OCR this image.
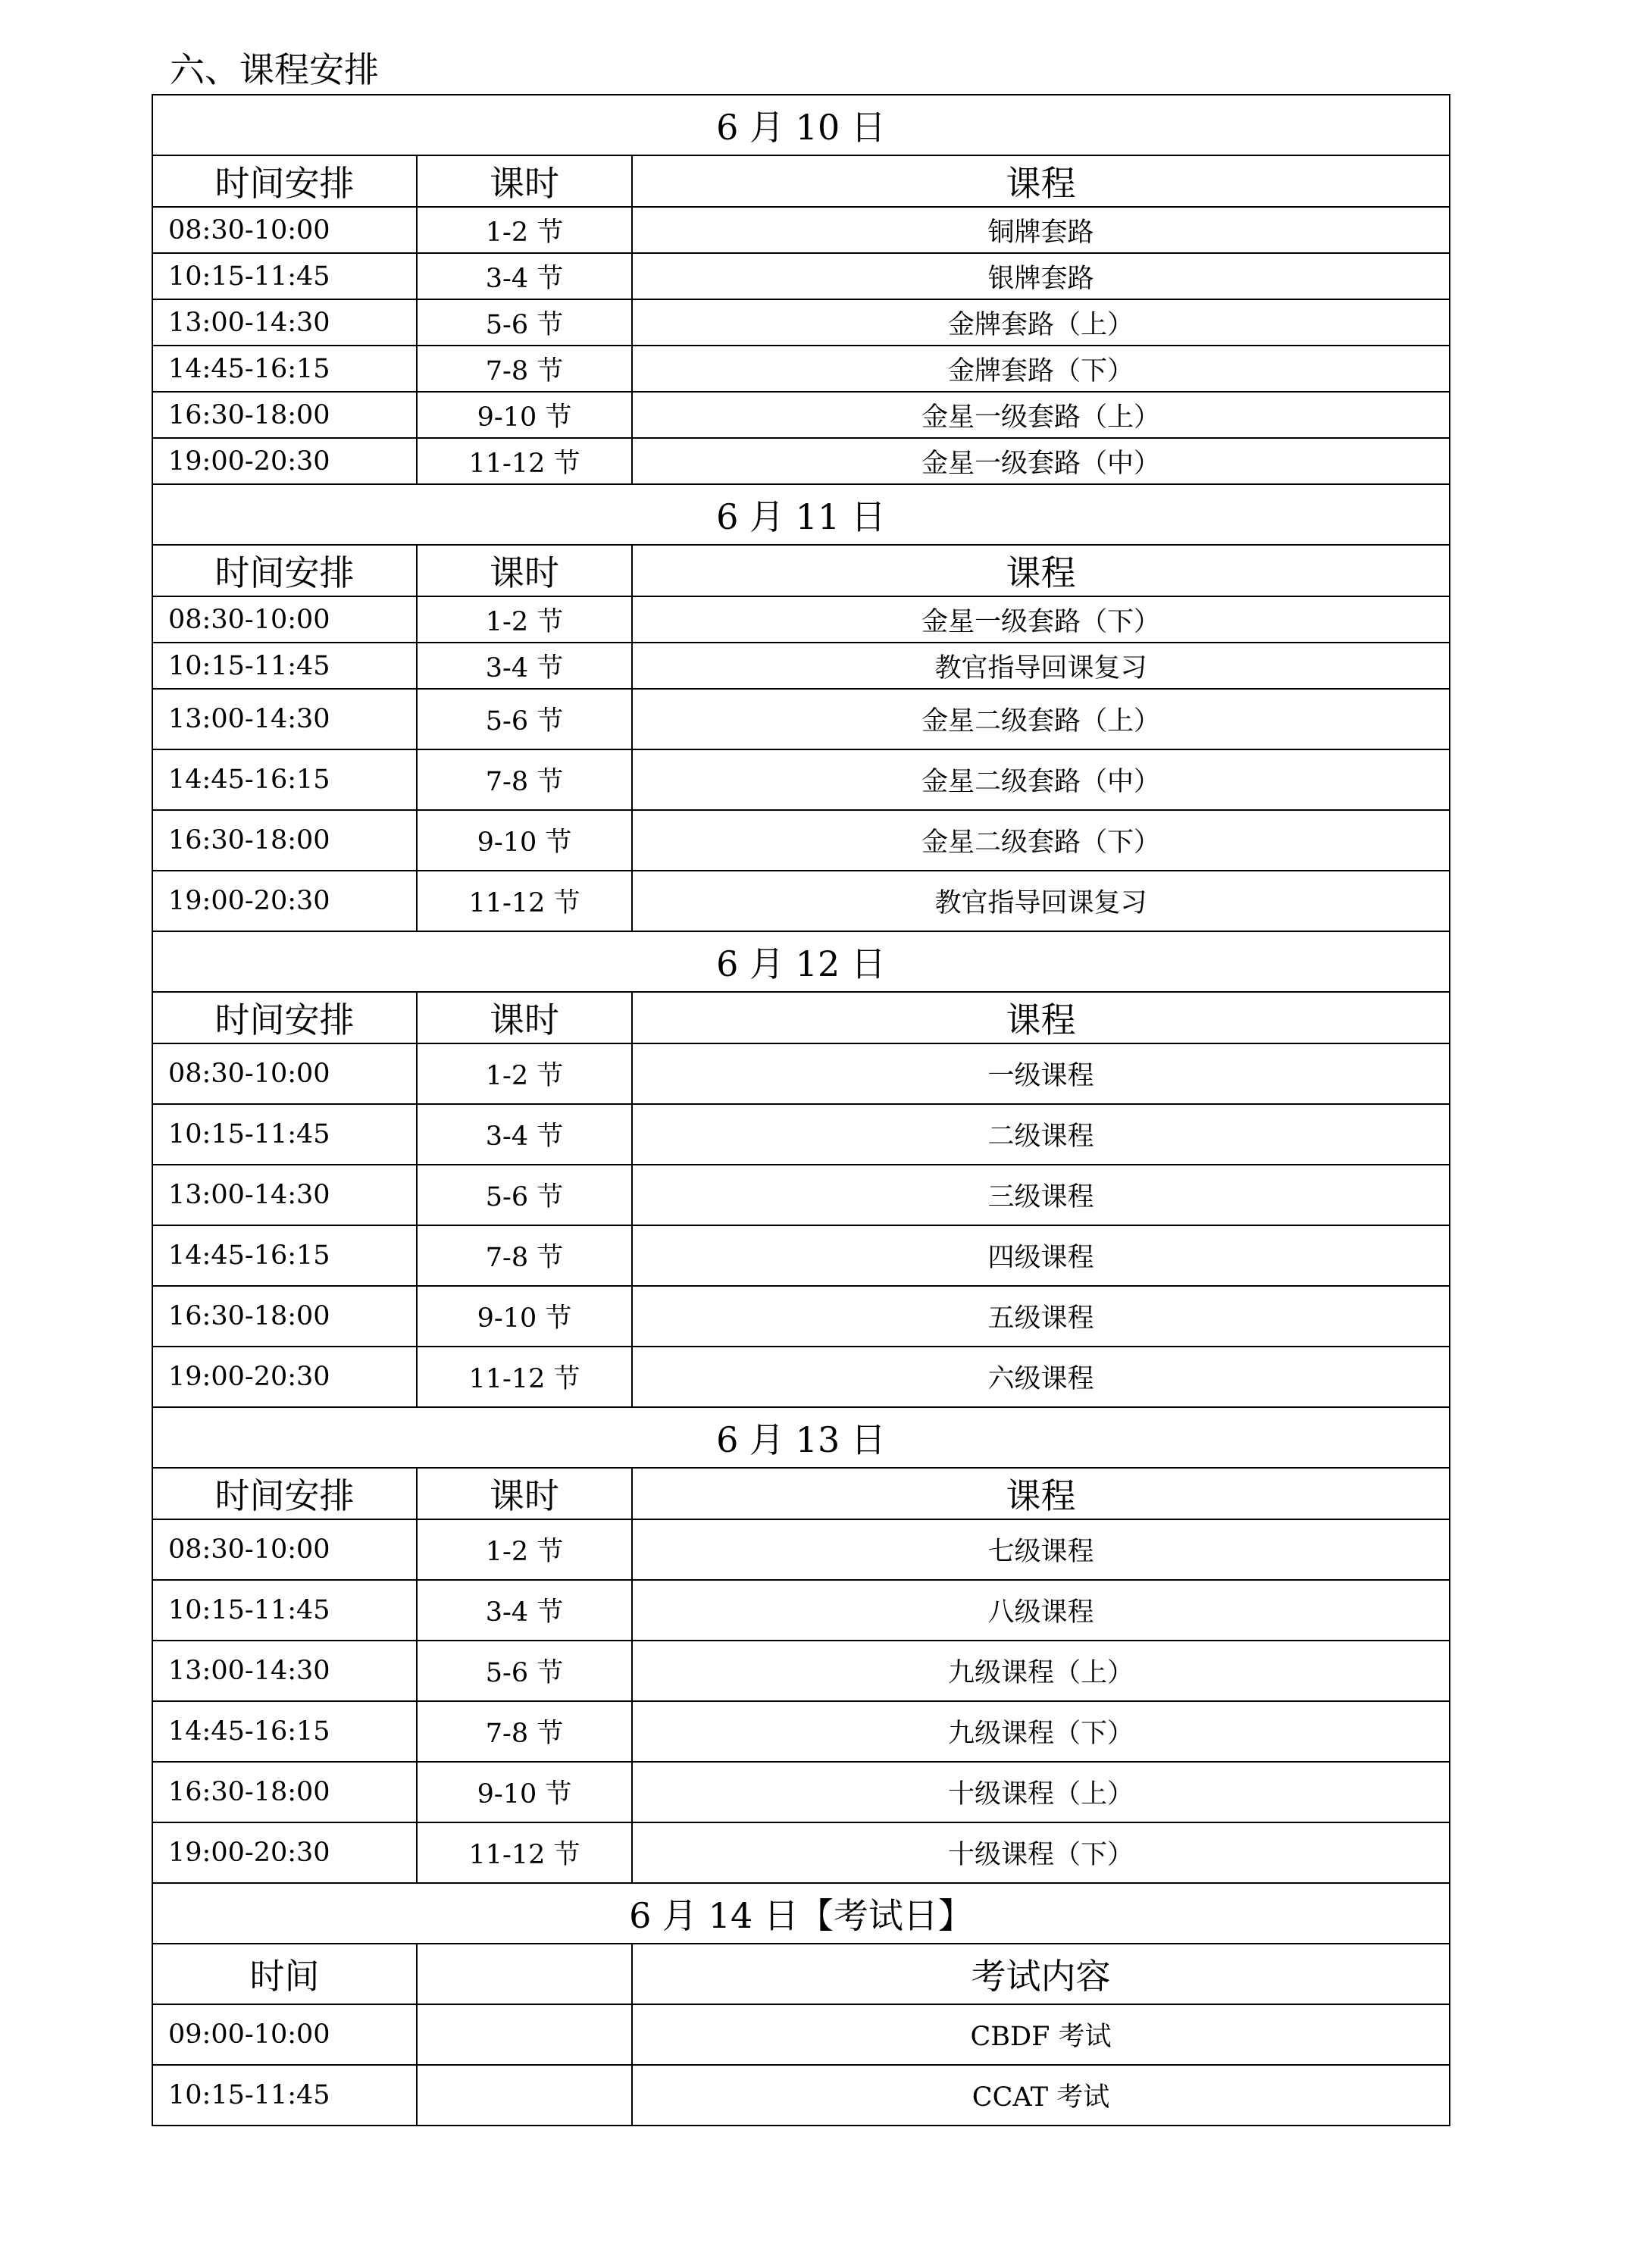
六、课程安排
6 月 10 日		
时间安排	课时	课程
08:30-10:00	1-2 节	铜牌套路
10:15-11:45	3-4 节	银牌套路
13:00-14:30	5-6 节	金牌套路（上）
14:45-16:15	7-8 节	金牌套路（下）
16:30-18:00	9-10 节	金星一级套路（上）
19:00-20:30	11-12 节	金星一级套路（中）
6 月 11 日		
时间安排	课时	课程
08:30-10:00	1-2 节	金星一级套路（下）
10:15-11:45	3-4 节	教官指导回课复习
13:00-14:30	5-6 节	金星二级套路（上）
14:45-16:15	7-8 节	金星二级套路（中）
16:30-18:00	9-10 节	金星二级套路（下）
19:00-20:30	11-12 节	教官指导回课复习
6 月 12 日		
时间安排	课时	课程
08:30-10:00	1-2 节	一级课程
10:15-11:45	3-4 节	二级课程
13:00-14:30	5-6 节	三级课程
14:45-16:15	7-8 节	四级课程
16:30-18:00	9-10 节	五级课程
19:00-20:30	11-12 节	六级课程
6 月 13 日		
时间安排	课时	课程
08:30-10:00	1-2 节	七级课程
10:15-11:45	3-4 节	八级课程
13:00-14:30	5-6 节	九级课程（上）
14:45-16:15	7-8 节	九级课程（下）
16:30-18:00	9-10 节	十级课程（上）
19:00-20:30	11-12 节	十级课程（下）
6 月 14 日【考试日】		
时间		考试内容
09:00-10:00		CBDF 考试
10:15-11:45		CCAT 考试
